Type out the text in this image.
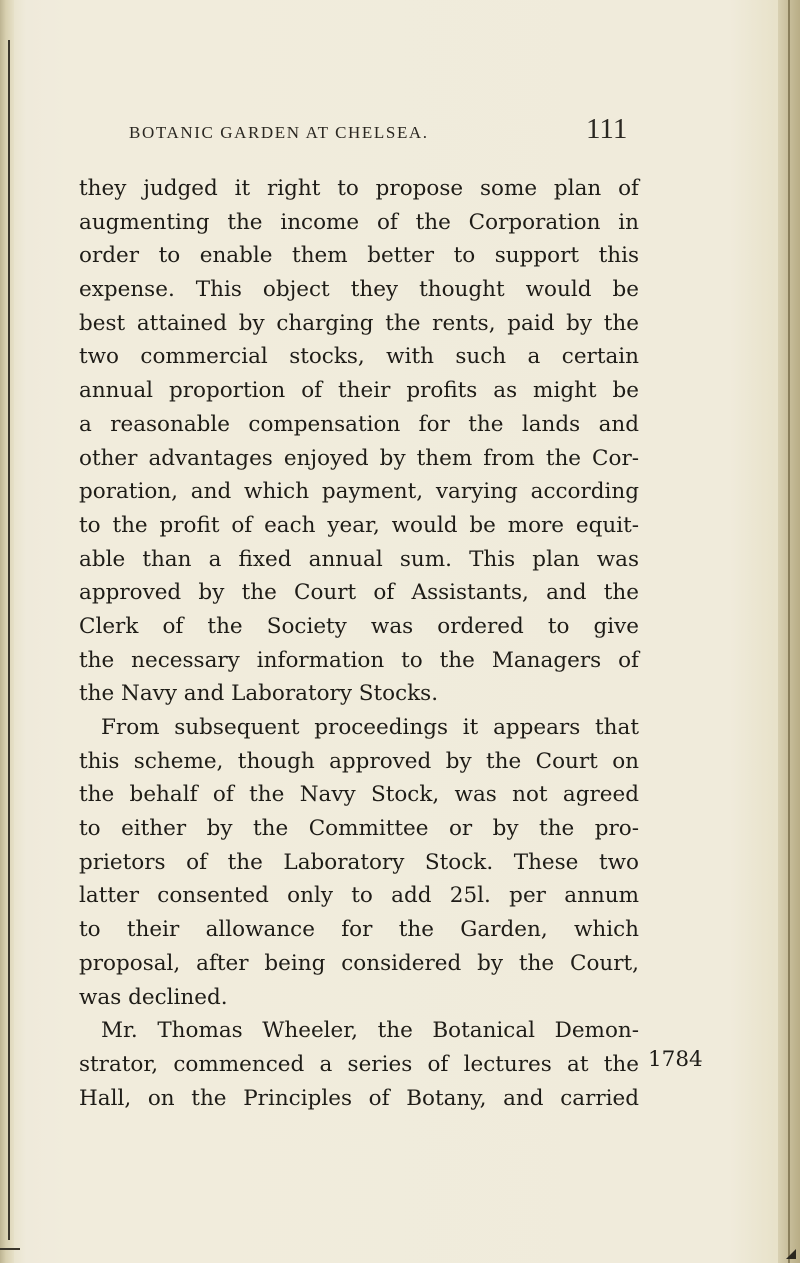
BOTANIC GARDEN AT CHELSEA.	111
they judged it right to propose some plan of
augmenting the income of the Corporation in
order to enable them better to support this
expense. This object they thought would be
best attained by charging the rents, paid by the
two commercial stocks, with such a certain
annual proportion of their profits as might be
a reasonable compensation for the lands and
other advantages enjoyed by them from the Cor-
poration, and which payment, varying according
to the profit of each year, would be more equit-
able than a fixed annual sum. This plan was
approved by the Court of Assistants, and the
Clerk of the Society was ordered to give
the necessary information to the Managers of
the Navy and Laboratory Stocks.
From subsequent proceedings it appears that
this scheme, though approved by the Court on
the behalf of the Navy Stock, was not agreed
to either by the Committee or by the pro-
prietors of the Laboratory Stock. These two
latter consented only to add 25l. per annum
to their allowance for the Garden, which
proposal, after being considered by the Court,
was declined.
Mr. Thomas Wheeler, the Botanical Demon-
strator, commenced a series of lectures at the
Hall, on the Principles of Botany, and carried
1784
